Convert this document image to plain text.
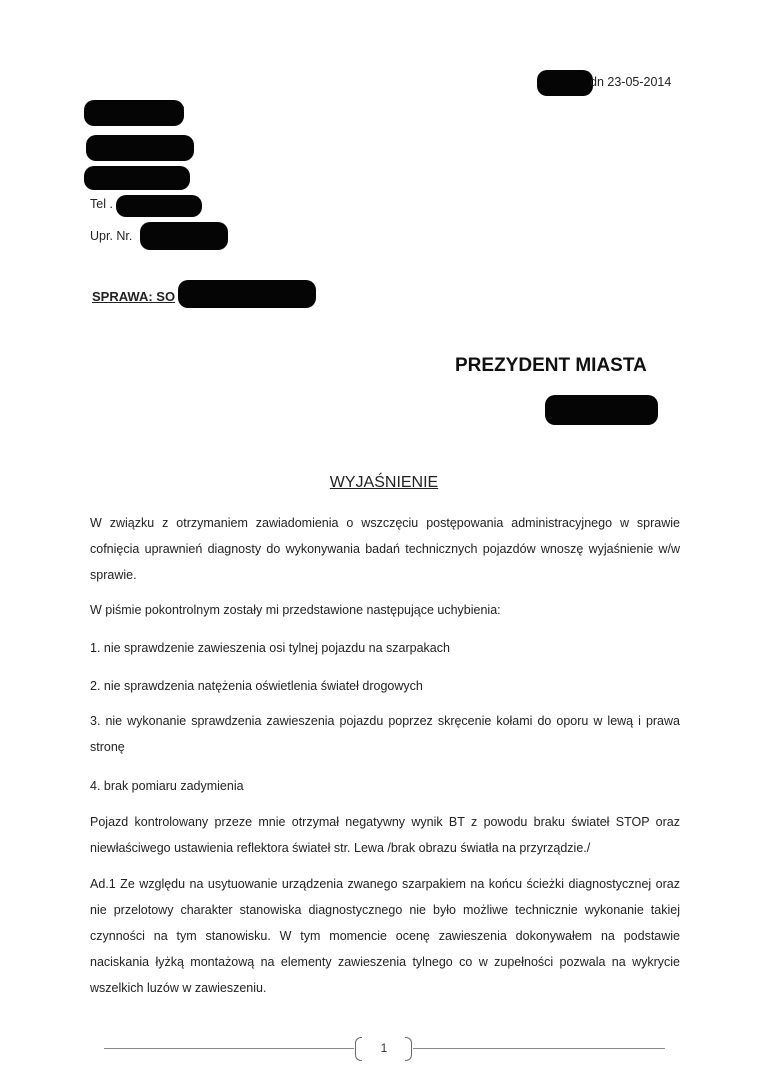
dn 23-05-2014
Tel .
Upr. Nr.
SPRAWA: SO
PREZYDENT MIASTA
WYJAŚNIENIE

W związku z otrzymaniem zawiadomienia o wszczęciu postępowania administracyjnego w sprawie cofnięcia uprawnień diagnosty do wykonywania badań technicznych pojazdów wnoszę wyjaśnienie w/w sprawie.

W piśmie pokontrolnym zostały mi przedstawione następujące uchybienia:

1. nie sprawdzenie zawieszenia osi tylnej pojazdu na szarpakach

2. nie sprawdzenia natężenia oświetlenia świateł drogowych

3. nie wykonanie sprawdzenia zawieszenia pojazdu poprzez skręcenie kołami do oporu w lewą i prawa stronę

4. brak pomiaru zadymienia

Pojazd kontrolowany przeze mnie otrzymał negatywny wynik BT z powodu braku świateł STOP oraz niewłaściwego ustawienia reflektora świateł str. Lewa /brak obrazu światła na przyrządzie./

Ad.1 Ze względu na usytuowanie urządzenia zwanego szarpakiem na końcu ścieżki diagnostycznej oraz nie przelotowy charakter stanowiska diagnostycznego nie było możliwe technicznie wykonanie takiej czynności na tym stanowisku. W tym momencie ocenę zawieszenia dokonywałem na podstawie naciskania łyżką montażową na elementy zawieszenia tylnego co w zupełności pozwala na wykrycie wszelkich luzów w zawieszeniu.

1
